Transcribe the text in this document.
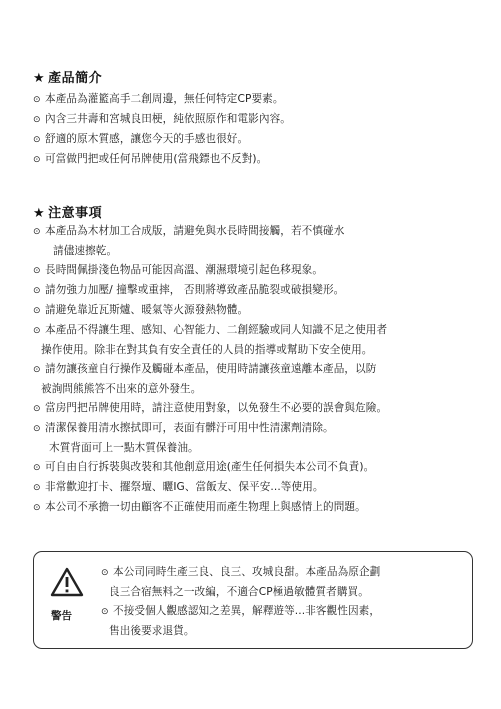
★ 產品簡介
⊙ 本產品為灌籃高手二創周邊，無任何特定CP要素。
⊙ 內含三井壽和宮城良田梗，純依照原作和電影內容。
⊙ 舒適的原木質感，讓您今天的手感也很好。
⊙ 可當做門把或任何吊牌使用(當飛鏢也不反對)。
★ 注意事項
⊙ 本產品為木材加工合成版，請避免與水長時間接觸，若不慎碰水
請儘速擦乾。
⊙ 長時間佩掛淺色物品可能因高溫、潮濕環境引起色移現象。
⊙ 請勿強力加壓/ 撞擊或重摔， 否則將導致產品脆裂或破損變形。
⊙ 請避免靠近瓦斯爐、暖氣等火源發熱物體。
⊙ 本產品不得讓生理、感知、心智能力、二創經驗或同人知識不足之使用者
操作使用。除非在對其負有安全責任的人員的指導或幫助下安全使用。
⊙ 請勿讓孩童自行操作及觸碰本產品，使用時請讓孩童遠離本產品，以防
被詢問熊熊答不出來的意外發生。
⊙ 當房門把吊牌使用時，請注意使用對象，以免發生不必要的誤會與危險。
⊙ 清潔保養用清水擦拭即可，表面有髒汙可用中性清潔劑清除。
木質背面可上一點木質保養油。
⊙ 可自由自行拆裝與改裝和其他創意用途(產生任何損失本公司不負責)。
⊙ 非常歡迎打卡、擺祭壇、曬IG、當飯友、保平安...等使用。
⊙ 本公司不承擔一切由顧客不正確使用而產生物理上與感情上的問題。
警告
⊙ 本公司同時生產三良、良三、攻城良甜。本產品為原企劃
良三合宿無料之一改編，不適合CP極過敏體質者購買。
⊙ 不接受個人觀感認知之差異，解釋遊等...非客觀性因素，
售出後要求退貨。
